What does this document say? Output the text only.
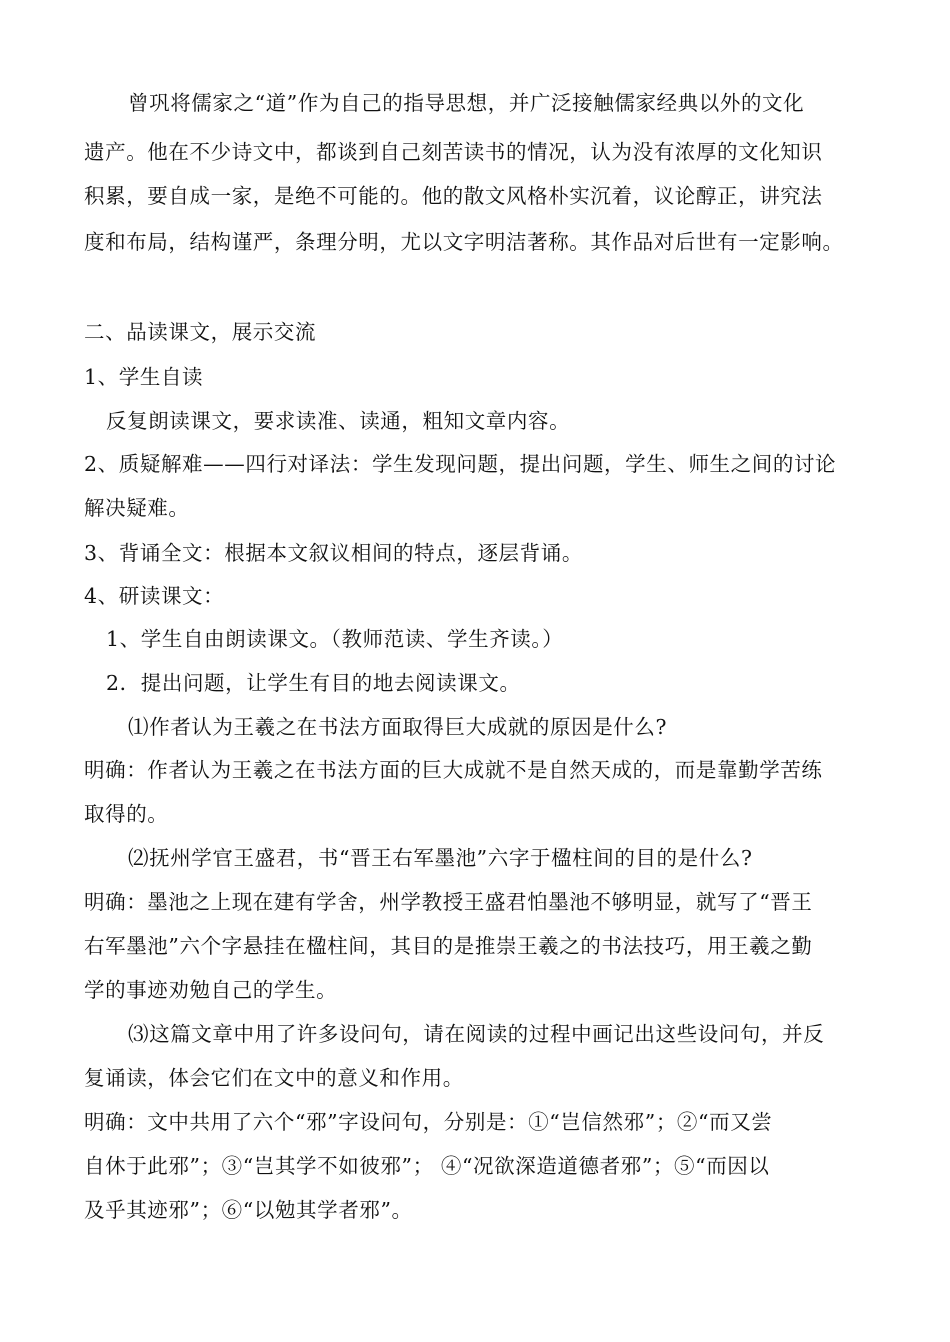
曾巩将儒家之“道”作为自己的指导思想，并广泛接触儒家经典以外的文化
遗产。他在不少诗文中，都谈到自己刻苦读书的情况，认为没有浓厚的文化知识
积累，要自成一家，是绝不可能的。他的散文风格朴实沉着，议论醇正，讲究法
度和布局，结构谨严，条理分明，尤以文字明洁著称。其作品对后世有一定影响。
二、品读课文，展示交流
1、学生自读
反复朗读课文，要求读准、读通，粗知文章内容。
2、质疑解难——四行对译法：学生发现问题，提出问题，学生、师生之间的讨论
解决疑难。
3、背诵全文：根据本文叙议相间的特点，逐层背诵。
4、研读课文：
1、学生自由朗读课文。（教师范读、学生齐读。）
2．提出问题，让学生有目的地去阅读课文。
⑴作者认为王羲之在书法方面取得巨大成就的原因是什么?
明确：作者认为王羲之在书法方面的巨大成就不是自然天成的，而是靠勤学苦练
取得的。
⑵抚州学官王盛君，书“晋王右军墨池”六字于楹柱间的目的是什么?
明确：墨池之上现在建有学舍，州学教授王盛君怕墨池不够明显，就写了“晋王
右军墨池”六个字悬挂在楹柱间，其目的是推崇王羲之的书法技巧，用王羲之勤
学的事迹劝勉自己的学生。
⑶这篇文章中用了许多设问句，请在阅读的过程中画记出这些设问句，并反
复诵读，体会它们在文中的意义和作用。
明确：文中共用了六个“邪”字设问句，分别是：①“岂信然邪”；②“而又尝
自休于此邪”；③“岂其学不如彼邪”； ④“况欲深造道德者邪”；⑤“而因以
及乎其迹邪”；⑥“以勉其学者邪”。
